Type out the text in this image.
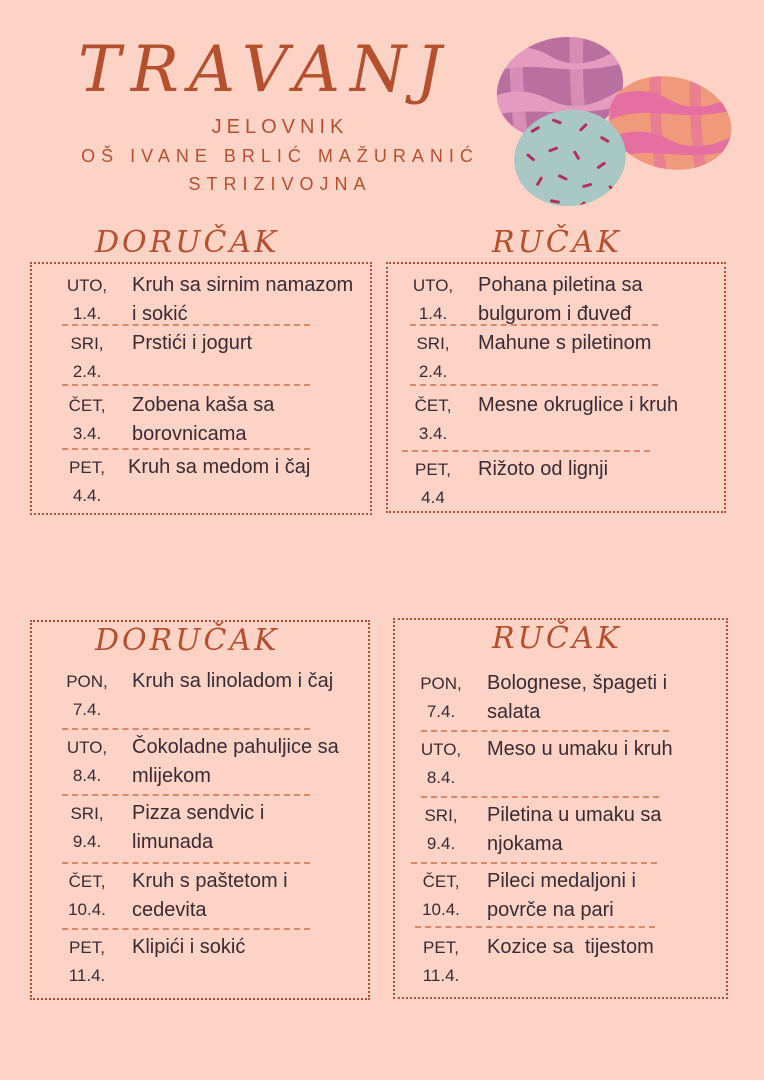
TRAVANJ
JELOVNIK
OŠ IVANE BRLIĆ MAŽURANIĆ
STRIZIVOJNA
DORUČAK
UTO,
1.4.
Kruh sa sirnim namazom i sokić
SRI,
2.4.
Prstići i jogurt
ČET,
3.4.
Zobena kaša sa borovnicama
PET,
4.4.
Kruh sa medom i čaj
RUČAK
UTO,
1.4.
Pohana piletina sa bulgurom i đuveđ
SRI,
2.4.
Mahune s piletinom
ČET,
3.4.
Mesne okruglice i kruh
PET,
4.4
Rižoto od lignji
DORUČAK
PON,
7.4.
Kruh sa linoladom i čaj
UTO,
8.4.
Čokoladne pahuljice sa mlijekom
SRI,
9.4.
Pizza sendvic i limunada
ČET,
10.4.
Kruh s paštetom i cedevita
PET,
11.4.
Klipići i sokić
RUČAK
PON,
7.4.
Bolognese, špageti i salata
UTO,
8.4.
Meso u umaku i kruh
SRI,
9.4.
Piletina u umaku sa njokama
ČET,
10.4.
Pileci medaljoni i povrče na pari
PET,
11.4.
Kozice sa  tijestom
